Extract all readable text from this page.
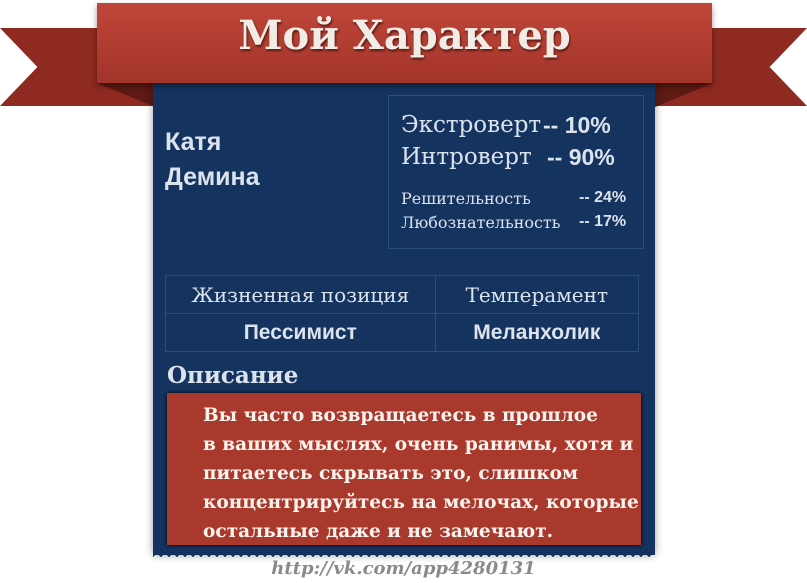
Мой Характер
Катя
Демина
Экстроверт -- 10%
Интроверт -- 90%
Решительность	-- 24%
Любознательность -- 17%
Жизненная позиция	Темперамент
Пессимист	Меланхолик
Описание
Вы часто возвращаетесь в прошлое
в ваших мыслях, очень ранимы, хотя и
питаетесь скрывать это, слишком
концентрируйтесь на мелочах, которые
остальные даже и не замечают.
http://vk.com/app4280131
